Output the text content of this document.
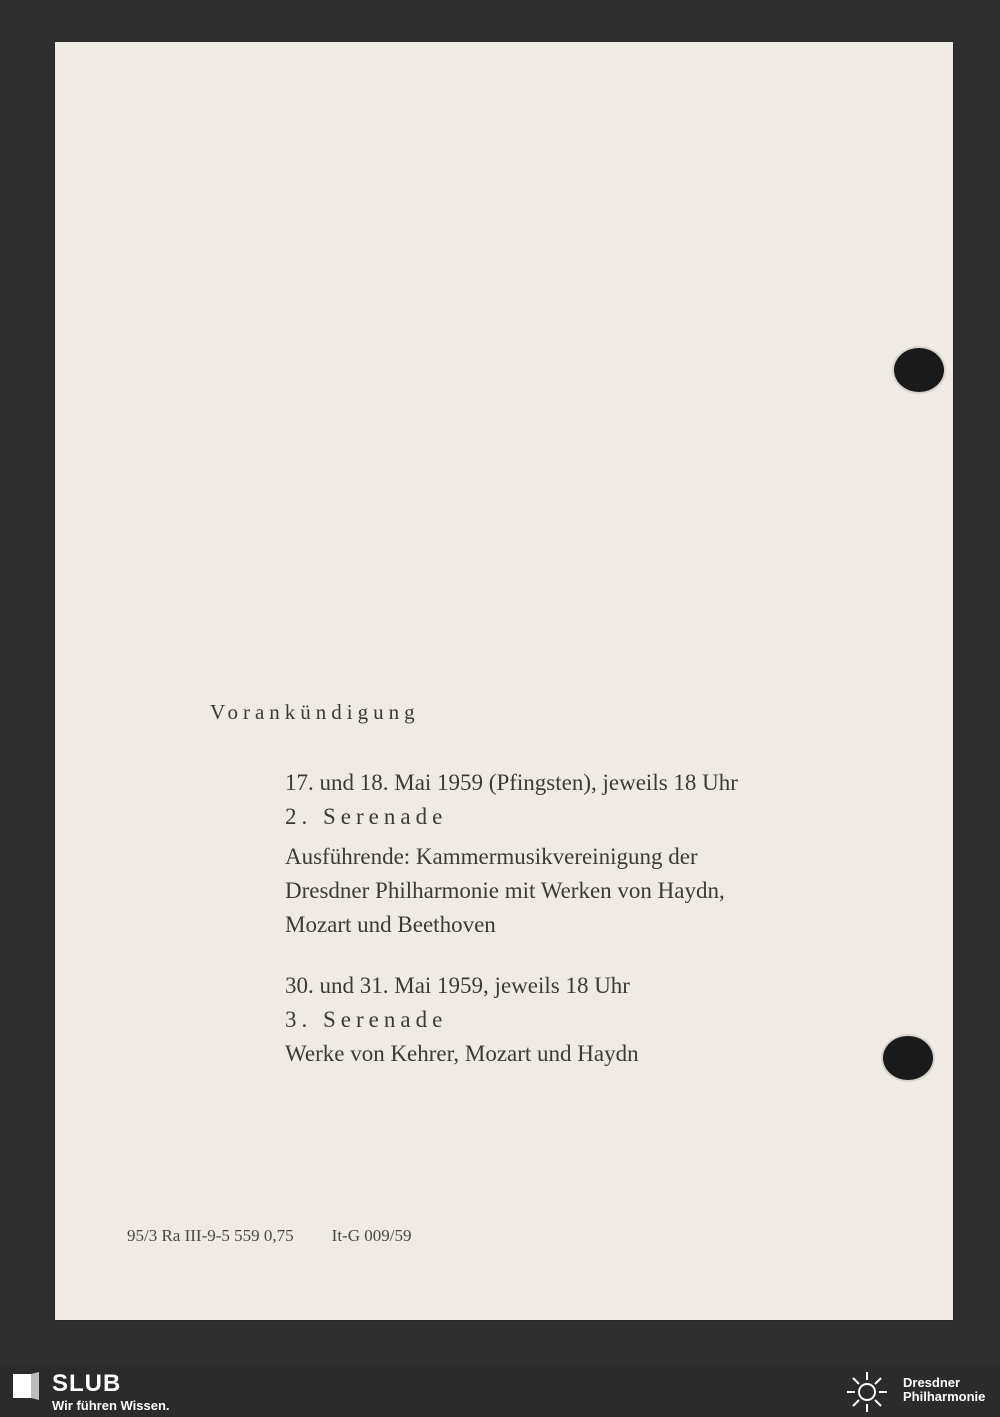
Vorankündigung
17. und 18. Mai 1959 (Pfingsten), jeweils 18 Uhr
2. Serenade
Ausführende: Kammermusikvereinigung der
Dresdner Philharmonie mit Werken von Haydn,
Mozart und Beethoven
30. und 31. Mai 1959, jeweils 18 Uhr
3. Serenade
Werke von Kehrer, Mozart und Haydn
95/3 Ra III-9-5 559 0,75 It-G 009/59
SLUB
Wir führen Wissen.
Dresdner
Philharmonie
